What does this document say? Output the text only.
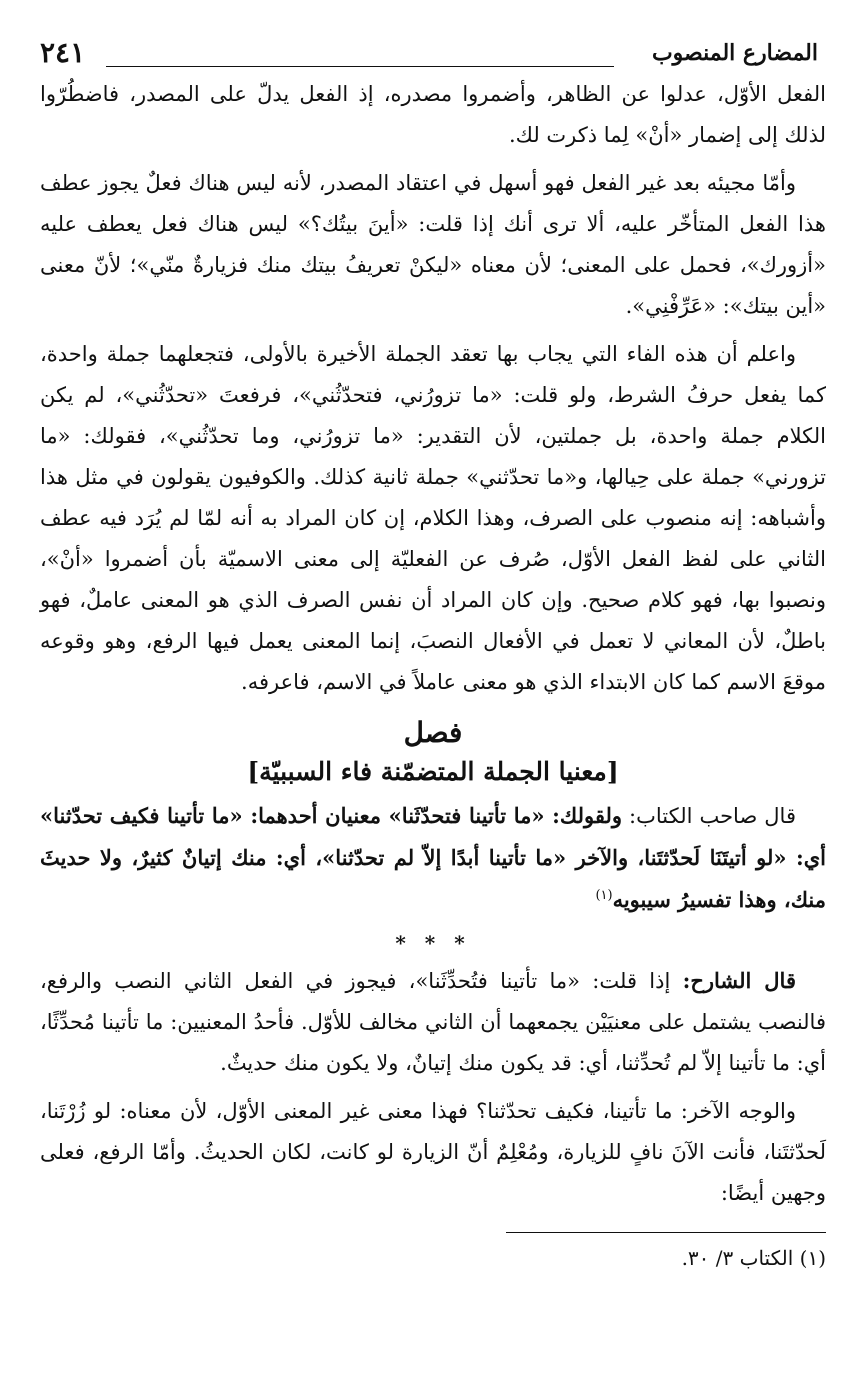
المضارع المنصوب
٢٤١

الفعل الأوّل، عدلوا عن الظاهر، وأضمروا مصدره، إذ الفعل يدلّ على المصدر، فاضطُرّوا لذلك إلى إضمار «أنْ» لِما ذكرت لك.

وأمّا مجيئه بعد غير الفعل فهو أسهل في اعتقاد المصدر، لأنه ليس هناك فعلٌ يجوز عطف هذا الفعل المتأخّر عليه، ألا ترى أنك إذا قلت: «أينَ بيتُك؟» ليس هناك فعل يعطف عليه «أزورك»، فحمل على المعنى؛ لأن معناه «ليكنْ تعريفُ بيتك منك فزيارةٌ منّي»؛ لأنّ معنى «أين بيتك»: «عَرِّفْنِي».

واعلم أن هذه الفاء التي يجاب بها تعقد الجملة الأخيرة بالأولى، فتجعلهما جملة واحدة، كما يفعل حرفُ الشرط، ولو قلت: «ما تزورُني، فتحدّثُني»، فرفعتَ «تحدّثُني»، لم يكن الكلام جملة واحدة، بل جملتين، لأن التقدير: «ما تزورُني، وما تحدّثُني»، فقولك: «ما تزورني» جملة على حِيالها، و«ما تحدّثني» جملة ثانية كذلك. والكوفيون يقولون في مثل هذا وأشباهه: إنه منصوب على الصرف، وهذا الكلام، إن كان المراد به أنه لمّا لم يُرَد فيه عطف الثاني على لفظ الفعل الأوّل، صُرف عن الفعليّة إلى معنى الاسميّة بأن أضمروا «أنْ»، ونصبوا بها، فهو كلام صحيح. وإن كان المراد أن نفس الصرف الذي هو المعنى عاملٌ، فهو باطلٌ، لأن المعاني لا تعمل في الأفعال النصبَ، إنما المعنى يعمل فيها الرفع، وهو وقوعه موقعَ الاسم كما كان الابتداء الذي هو معنى عاملاً في الاسم، فاعرفه.

فصل
[معنيا الجملة المتضمّنة فاء السببيّة]

قال صاحب الكتاب: ولقولك: «ما تأتينا فتحدّثَنا» معنيان أحدهما: «ما تأتينا فكيف تحدّثنا» أي: «لو أتيتَنَا لَحدّثتَنا، والآخر «ما تأتينا أبدًا إلاّ لم تحدّثنا»، أي: منك إتيانٌ كثيرٌ، ولا حديثَ منك، وهذا تفسيرُ سيبويه$^{(١)}$

* * *

قال الشارح: إذا قلت: «ما تأتينا فتُحدِّثَنا»، فيجوز في الفعل الثاني النصب والرفع، فالنصب يشتمل على معنيَيْن يجمعهما أن الثاني مخالف للأوّل. فأحدُ المعنيين: ما تأتينا مُحدِّثًا، أي: ما تأتينا إلاّ لم تُحدِّثنا، أي: قد يكون منك إتيانٌ، ولا يكون منك حديثٌ.

والوجه الآخر: ما تأتينا، فكيف تحدّثنا؟ فهذا معنى غير المعنى الأوّل، لأن معناه: لو زُرْتَنا، لَحدّثتَنا، فأنت الآنَ نافٍ للزيارة، ومُعْلِمٌ أنّ الزيارة لو كانت، لكان الحديثُ. وأمّا الرفع، فعلى وجهين أيضًا:

(١) الكتاب ٣/ ٣٠.
